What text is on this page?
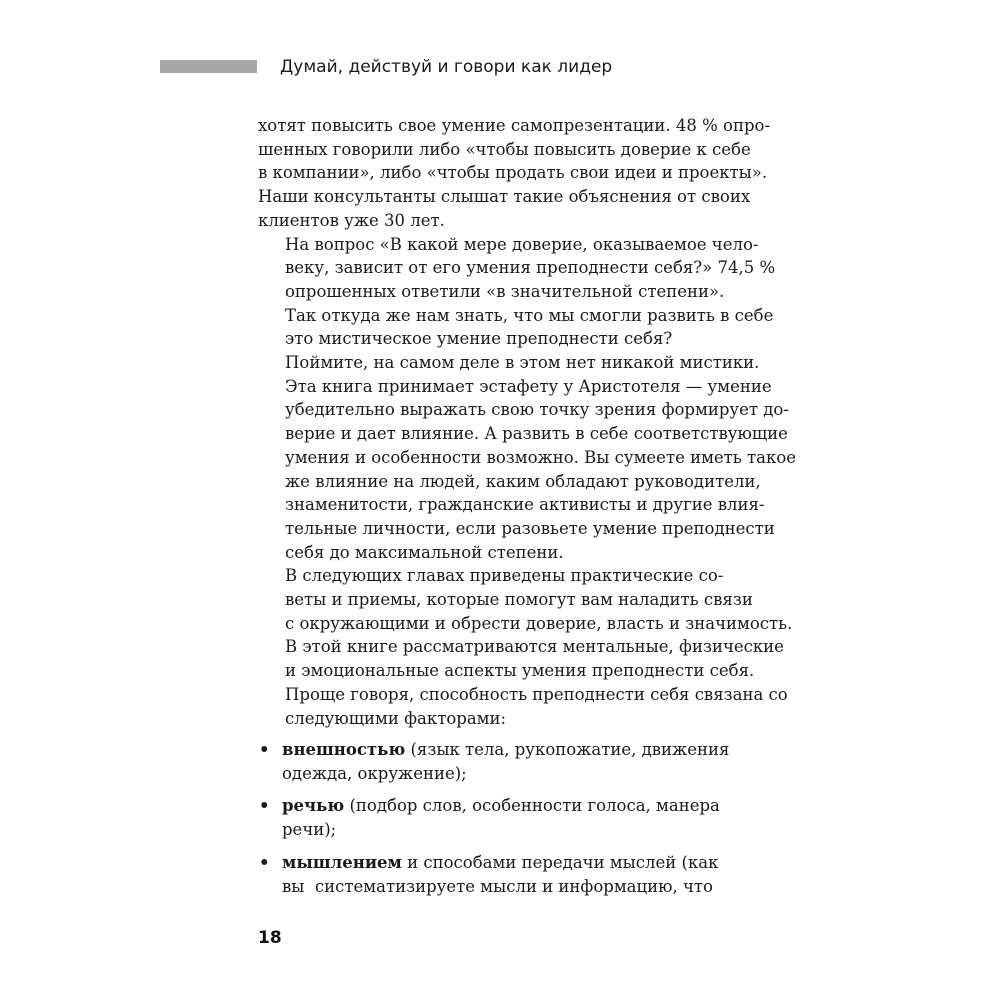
Думай, действуй и говори как лидер

хотят повысить свое умение самопрезентации. 48 % опро-
шенных говорили либо «чтобы повысить доверие к себе
в компании», либо «чтобы продать свои идеи и проекты».
Наши консультанты слышат такие объяснения от своих
клиентов уже 30 лет.

На вопрос «В какой мере доверие, оказываемое чело-
веку, зависит от его умения преподнести себя?» 74,5 %
опрошенных ответили «в значительной степени».

Так откуда же нам знать, что мы смогли развить в себе
это мистическое умение преподнести себя?

Поймите, на самом деле в этом нет никакой мистики.
Эта книга принимает эстафету у Аристотеля — умение
убедительно выражать свою точку зрения формирует до-
верие и дает влияние. А развить в себе соответствующие
умения и особенности возможно. Вы сумеете иметь такое
же влияние на людей, каким обладают руководители,
знаменитости, гражданские активисты и другие влия-
тельные личности, если разовьете умение преподнести
себя до максимальной степени.

В следующих главах приведены практические со-
веты и приемы, которые помогут вам наладить связи
с окружающими и обрести доверие, власть и значимость.
В этой книге рассматриваются ментальные, физические
и эмоциональные аспекты умения преподнести себя.
Проще говоря, способность преподнести себя связана со
следующими факторами:

• внешностью (язык тела, рукопожатие, движения
одежда, окружение);
• речью (подбор слов, особенности голоса, манера
речи);
• мышлением и способами передачи мыслей (как
вы  систематизируете мысли и информацию, что
18
